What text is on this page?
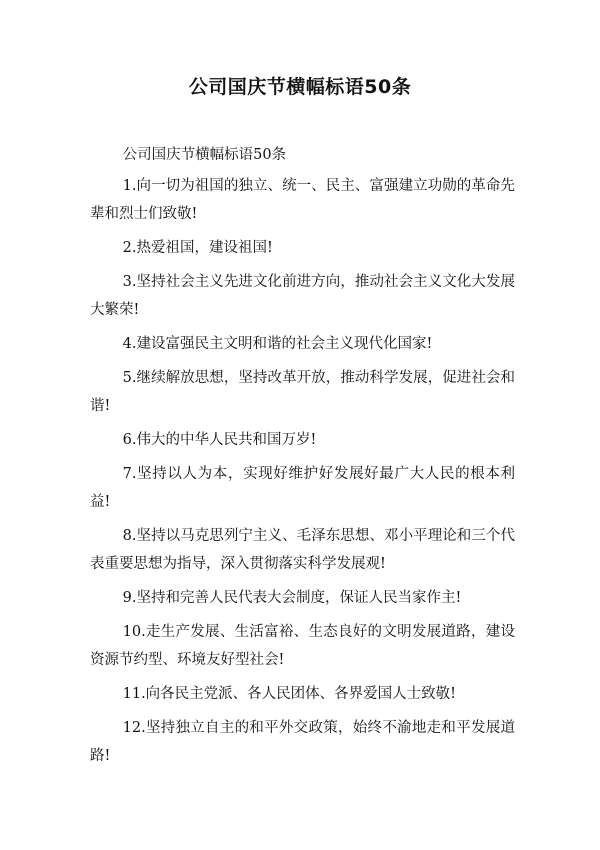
公司国庆节横幅标语50条

公司国庆节横幅标语50条

1.向一切为祖国的独立、统一、民主、富强建立功勋的革命先辈和烈士们致敬!

2.热爱祖国，建设祖国!

3.坚持社会主义先进文化前进方向，推动社会主义文化大发展大繁荣!

4.建设富强民主文明和谐的社会主义现代化国家!

5.继续解放思想，坚持改革开放，推动科学发展，促进社会和谐!

6.伟大的中华人民共和国万岁!

7.坚持以人为本，实现好维护好发展好最广大人民的根本利益!

8.坚持以马克思列宁主义、毛泽东思想、邓小平理论和三个代表重要思想为指导，深入贯彻落实科学发展观!

9.坚持和完善人民代表大会制度，保证人民当家作主!

10.走生产发展、生活富裕、生态良好的文明发展道路，建设资源节约型、环境友好型社会!

11.向各民主党派、各人民团体、各界爱国人士致敬!

12.坚持独立自主的和平外交政策，始终不渝地走和平发展道路!
